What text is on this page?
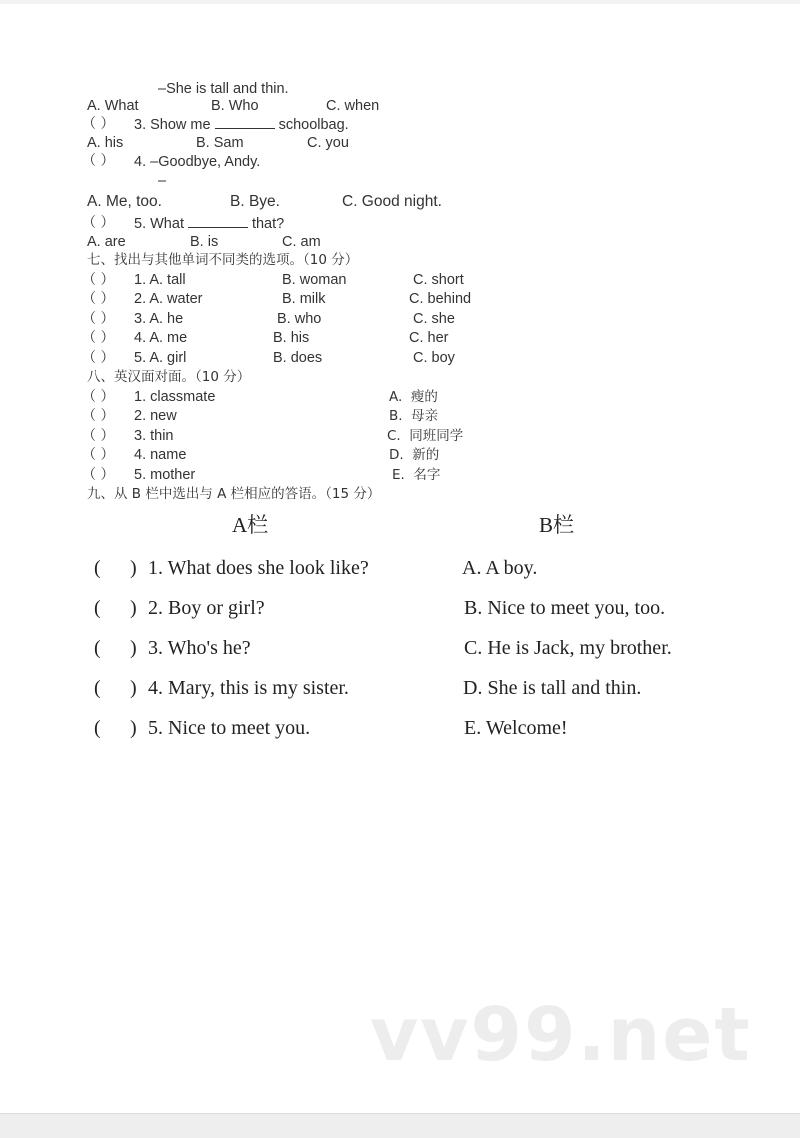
–She is tall and thin.
A. What	B. Who	C. when
（ ） 3. Show me	schoolbag.
A. his	B. Sam	C. you
（ ） 4. –Goodbye, Andy.
–
A. Me, too.	B. Bye.	C. Good night.
（ ） 5. What	that?
A. are	B. is	C. am
七、找出与其他单词不同类的选项。（10 分）
（ ） 1. A. tall	B. woman	C. short
（ ） 2. A. water	B. milk	C. behind
（ ） 3. A. he	B. who	C. she
（ ） 4. A. me	B. his	C. her
（ ） 5. A. girl	B. does	C. boy
八、英汉面对面。（10 分）
（ ） 1. classmate	A.  瘦的
（ ） 2. new	B.  母亲
（ ） 3. thin	C.  同班同学
（ ） 4. name	D.  新的
（ ） 5. mother	E.  名字
九、从 B 栏中选出与 A 栏相应的答语。（15 分）
A栏	B栏
( ) 1. What does she look like?	A. A boy.
( ) 2. Boy or girl?	B. Nice to meet you, too.
( ) 3. Who's he?	C. He is Jack, my brother.
( ) 4. Mary, this is my sister.	D. She is tall and thin.
( ) 5. Nice to meet you.	E. Welcome!
vv99.net
